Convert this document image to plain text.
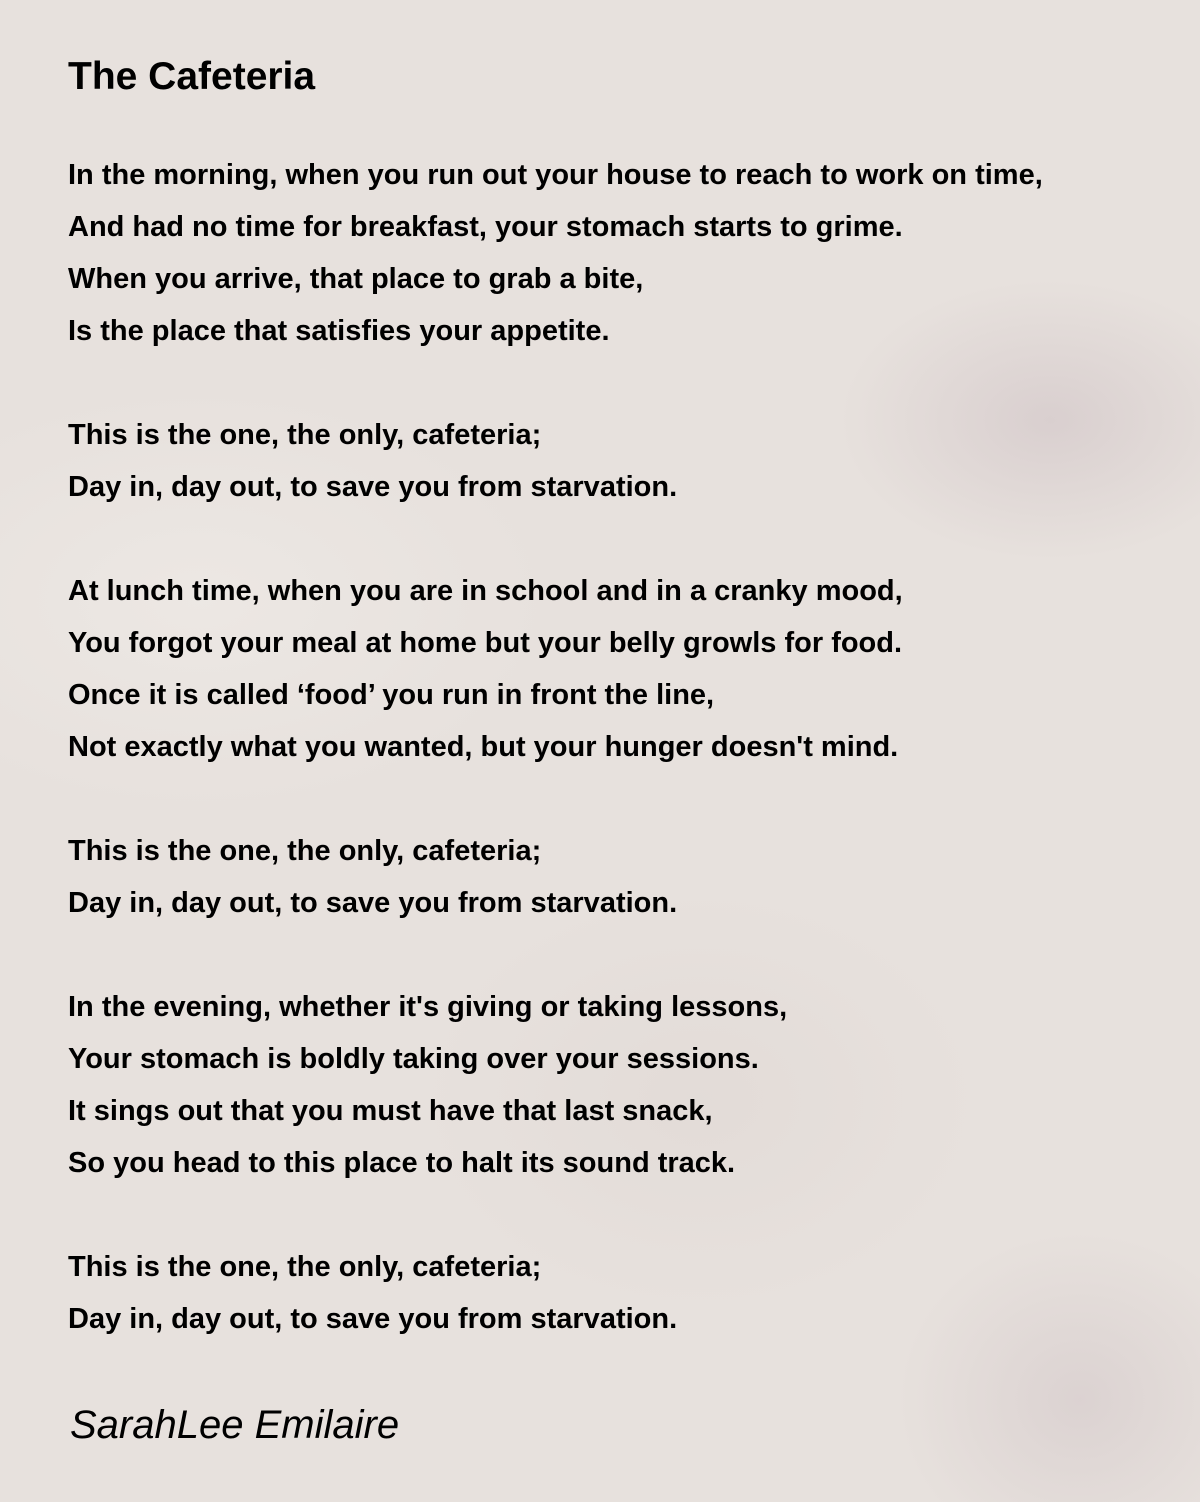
The Cafeteria
In the morning, when you run out your house to reach to work on time,
And had no time for breakfast, your stomach starts to grime.
When you arrive, that place to grab a bite,
Is the place that satisfies your appetite.
This is the one, the only, cafeteria;
Day in, day out, to save you from starvation.
At lunch time, when you are in school and in a cranky mood,
You forgot your meal at home but your belly growls for food.
Once it is called ‘food’ you run in front the line,
Not exactly what you wanted, but your hunger doesn't mind.
This is the one, the only, cafeteria;
Day in, day out, to save you from starvation.
In the evening, whether it's giving or taking lessons,
Your stomach is boldly taking over your sessions.
It sings out that you must have that last snack,
So you head to this place to halt its sound track.
This is the one, the only, cafeteria;
Day in, day out, to save you from starvation.
SarahLee Emilaire
